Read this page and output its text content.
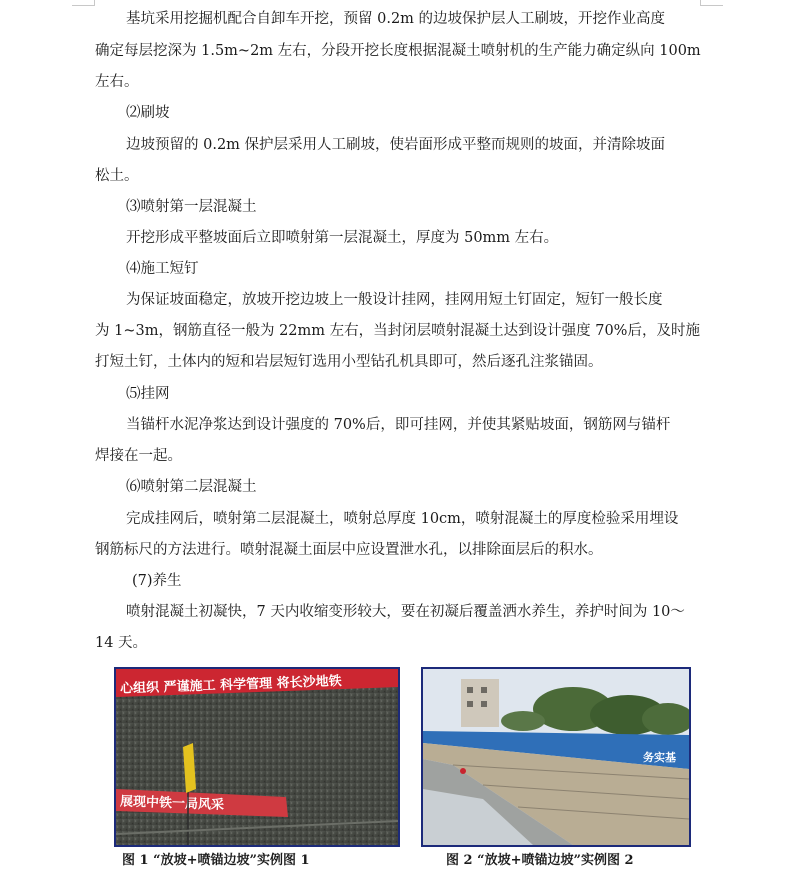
基坑采用挖掘机配合自卸车开挖，预留 0.2m 的边坡保护层人工刷坡，开挖作业高度
确定每层挖深为 1.5m~2m 左右，分段开挖长度根据混凝土喷射机的生产能力确定纵向 100m
左右。
⑵刷坡
边坡预留的 0.2m 保护层采用人工刷坡，使岩面形成平整而规则的坡面，并清除坡面
松土。
⑶喷射第一层混凝土
开挖形成平整坡面后立即喷射第一层混凝土，厚度为 50mm 左右。
⑷施工短钉
为保证坡面稳定，放坡开挖边坡上一般设计挂网，挂网用短土钉固定，短钉一般长度
为 1~3m，钢筋直径一般为 22mm 左右，当封闭层喷射混凝土达到设计强度 70%后，及时施
打短土钉，土体内的短和岩层短钉选用小型钻孔机具即可，然后逐孔注浆锚固。
⑸挂网
当锚杆水泥净浆达到设计强度的 70%后，即可挂网，并使其紧贴坡面，钢筋网与锚杆
焊接在一起。
⑹喷射第二层混凝土
完成挂网后，喷射第二层混凝土，喷射总厚度 10cm，喷射混凝土的厚度检验采用埋设
钢筋标尺的方法进行。喷射混凝土面层中应设置泄水孔，以排除面层后的积水。
(7)养生
喷射混凝土初凝快，7 天内收缩变形较大，要在初凝后覆盖洒水养生，养护时间为 10～
14 天。
心组织 严谨施工 科学管理 将长沙地铁
展现中铁一局风采
务实基
图 1 “放坡+喷锚边坡”实例图 1	图 2 “放坡+喷锚边坡”实例图 2
